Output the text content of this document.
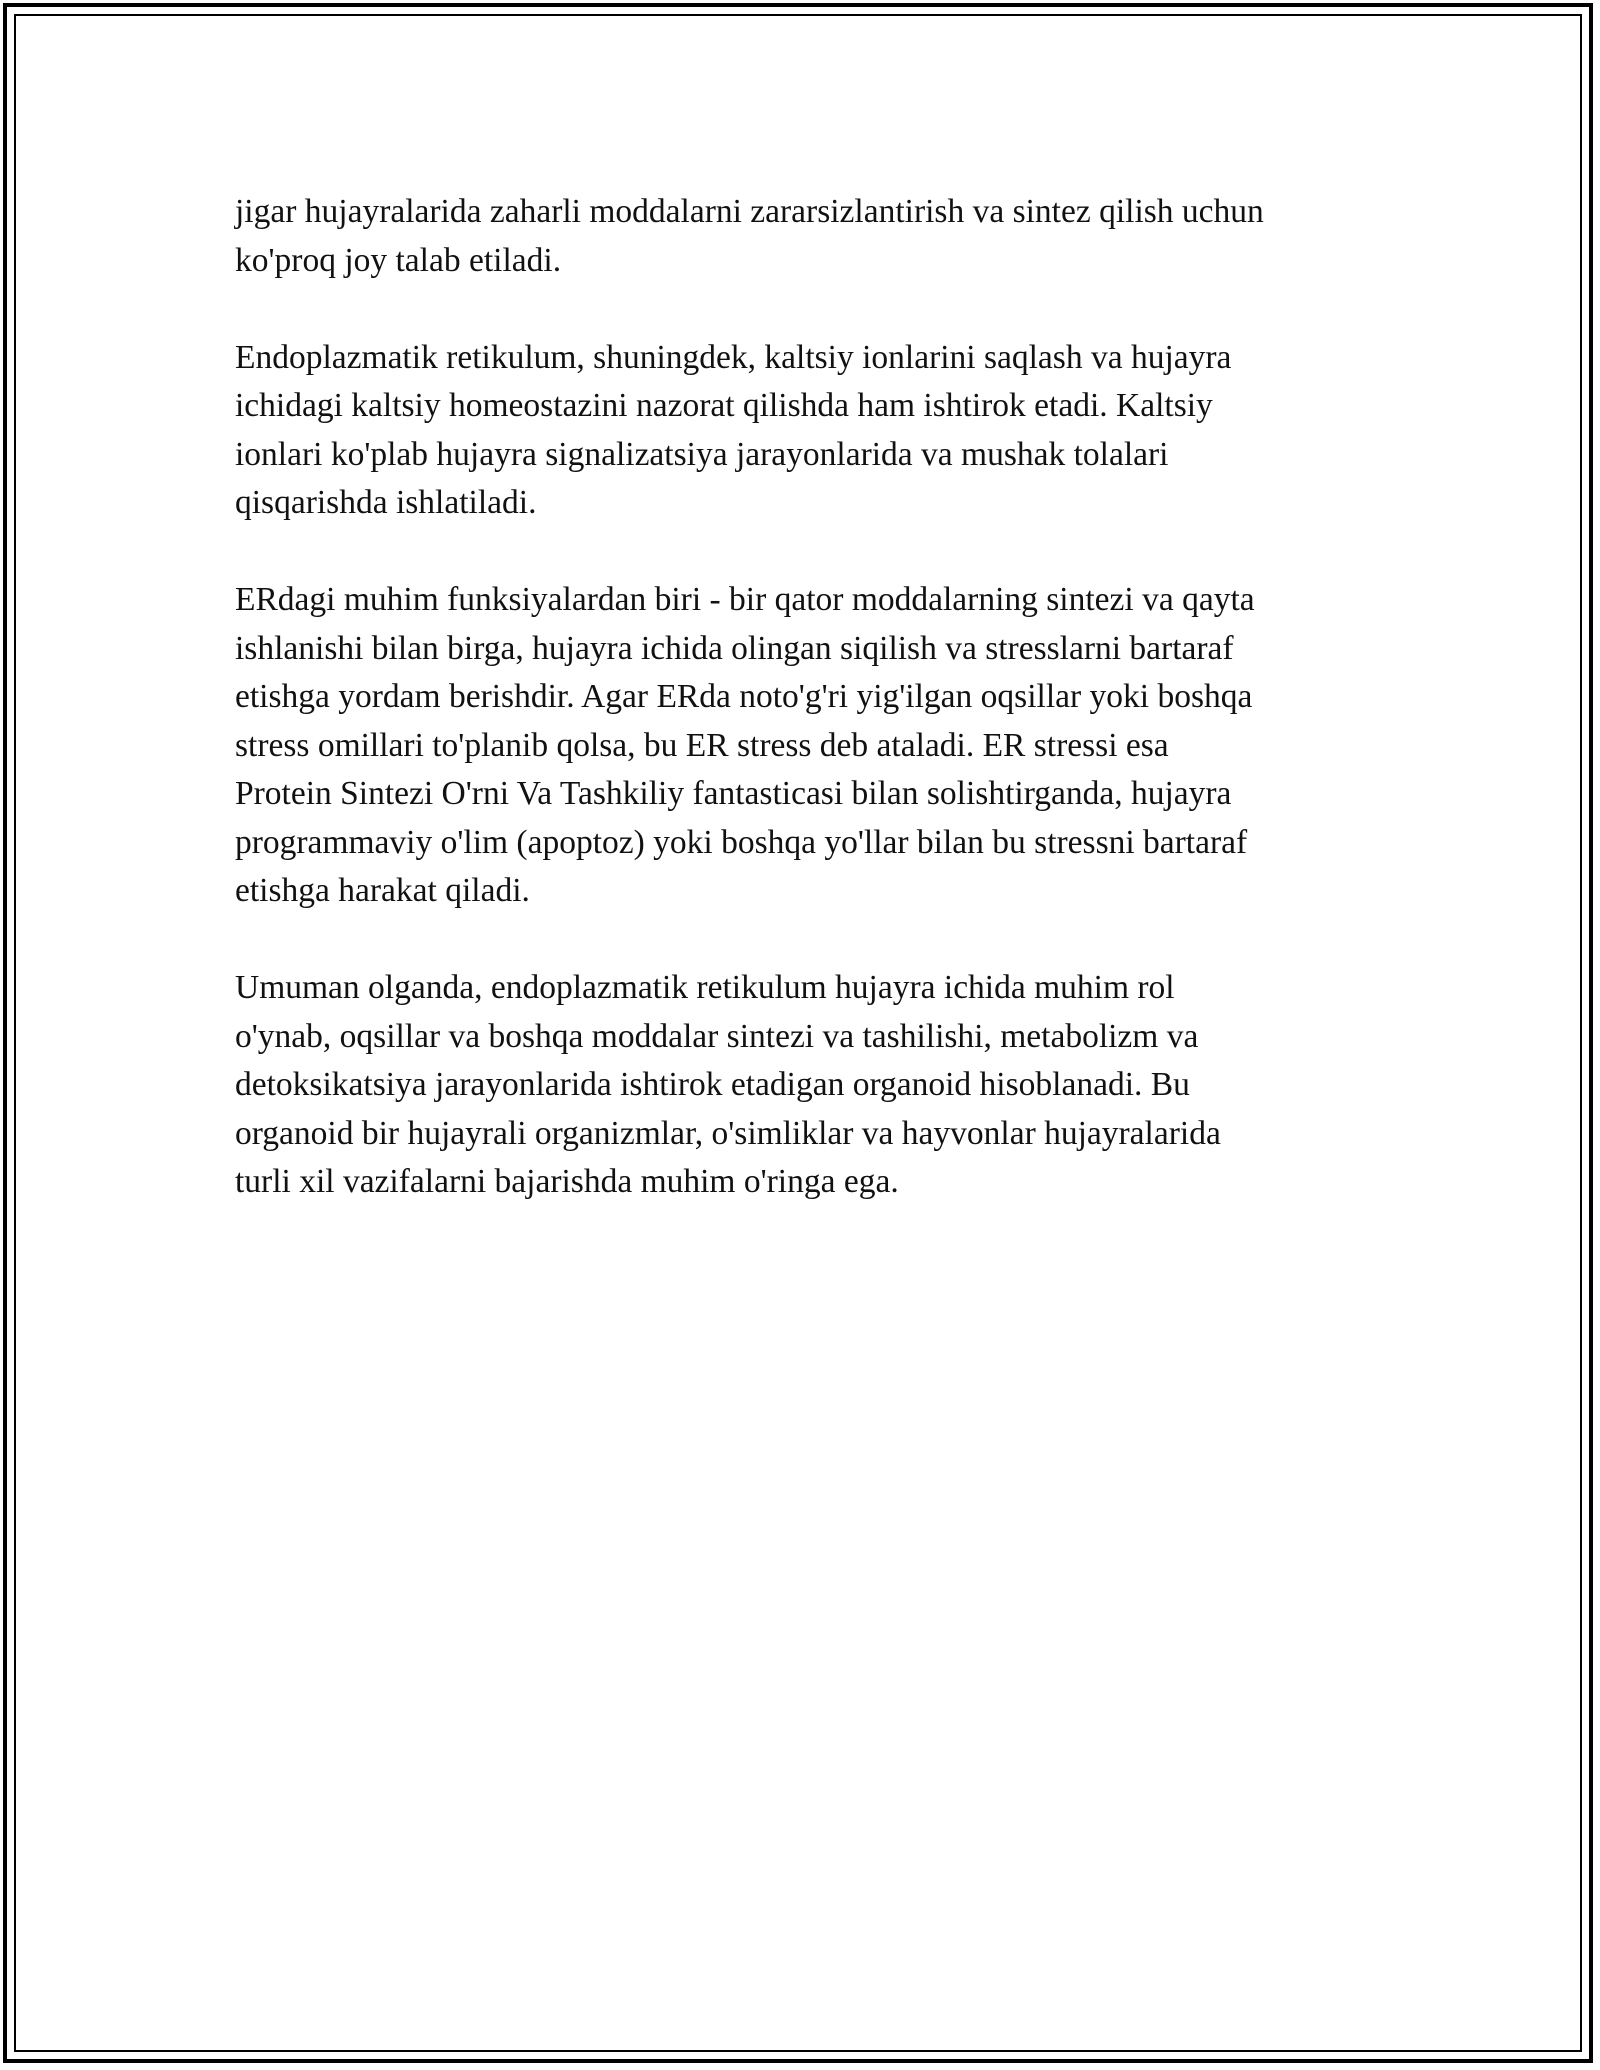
jigar hujayralarida zaharli moddalarni zararsizlantirish va sintez qilish uchun
ko'proq joy talab etiladi.

Endoplazmatik retikulum, shuningdek, kaltsiy ionlarini saqlash va hujayra
ichidagi kaltsiy homeostazini nazorat qilishda ham ishtirok etadi. Kaltsiy
ionlari ko'plab hujayra signalizatsiya jarayonlarida va mushak tolalari
qisqarishda ishlatiladi.

ERdagi muhim funksiyalardan biri - bir qator moddalarning sintezi va qayta
ishlanishi bilan birga, hujayra ichida olingan siqilish va stresslarni bartaraf
etishga yordam berishdir. Agar ERda noto'g'ri yig'ilgan oqsillar yoki boshqa
stress omillari to'planib qolsa, bu ER stress deb ataladi. ER stressi esa
Protein Sintezi O'rni Va Tashkiliy fantasticasi bilan solishtirganda, hujayra
programmaviy o'lim (apoptoz) yoki boshqa yo'llar bilan bu stressni bartaraf
etishga harakat qiladi.

Umuman olganda, endoplazmatik retikulum hujayra ichida muhim rol
o'ynab, oqsillar va boshqa moddalar sintezi va tashilishi, metabolizm va
detoksikatsiya jarayonlarida ishtirok etadigan organoid hisoblanadi. Bu
organoid bir hujayrali organizmlar, o'simliklar va hayvonlar hujayralarida
turli xil vazifalarni bajarishda muhim o'ringa ega.
